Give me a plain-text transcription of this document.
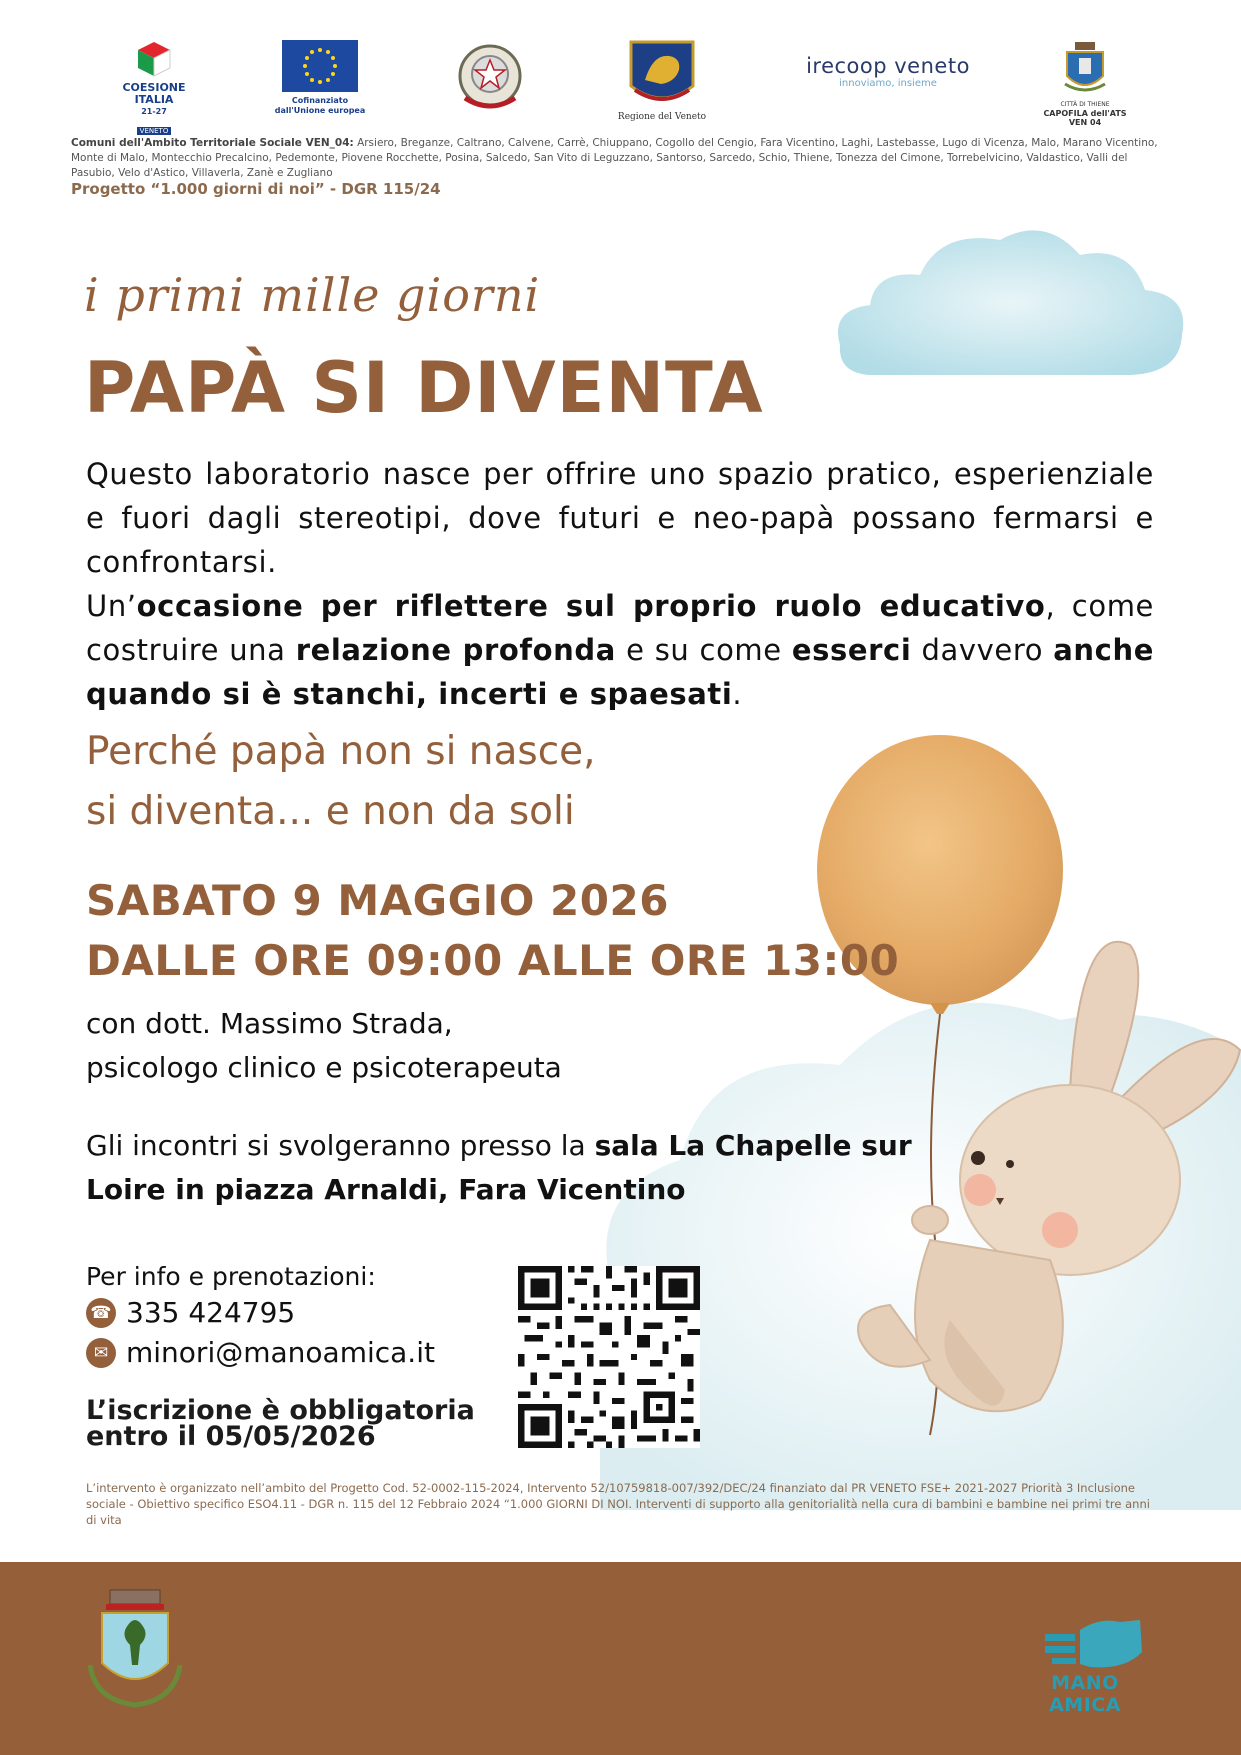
COESIONE ITALIA
21-27
VENETO
Cofinanziato dall'Unione europea
Regione del Veneto
irecoop veneto
innoviamo, insieme
CITTÀ DI THIENE
CAPOFILA dell'ATS VEN 04
Comuni dell'Ambito Territoriale Sociale VEN_04: Arsiero, Breganze, Caltrano, Calvene, Carrè, Chiuppano, Cogollo del Cengio, Fara Vicentino, Laghi, Lastebasse, Lugo di Vicenza, Malo, Marano Vicentino, Monte di Malo, Montecchio Precalcino, Pedemonte, Piovene Rocchette, Posina, Salcedo, San Vito di Leguzzano, Santorso, Sarcedo, Schio, Thiene, Tonezza del Cimone, Torrebelvicino, Valdastico, Valli del Pasubio, Velo d'Astico, Villaverla, Zanè e Zugliano
Progetto “1.000 giorni di noi” - DGR 115/24
i primi mille giorni
PAPÀ SI DIVENTA
Questo laboratorio nasce per offrire uno spazio pratico, esperienziale e fuori dagli stereotipi, dove futuri e neo-papà possano fermarsi e confrontarsi.
Un’occasione per riflettere sul proprio ruolo educativo, come costruire una relazione profonda e su come esserci davvero anche quando si è stanchi, incerti e spaesati.
Perché papà non si nasce,
si diventa... e non da soli
SABATO 9 MAGGIO 2026
DALLE ORE 09:00 ALLE ORE 13:00
con dott. Massimo Strada,
psicologo clinico e psicoterapeuta
Gli incontri si svolgeranno presso la sala La Chapelle sur Loire in piazza Arnaldi, Fara Vicentino
Per info e prenotazioni:
☎ 335 424795
✉ minori@manoamica.it
L’iscrizione è obbligatoria
entro il 05/05/2026
L’intervento è organizzato nell’ambito del Progetto Cod. 52-0002-115-2024, Intervento 52/10759818-007/392/DEC/24 finanziato dal PR VENETO FSE+ 2021-2027 Priorità 3 Inclusione sociale - Obiettivo specifico ESO4.11 - DGR n. 115 del 12 Febbraio 2024 “1.000 GIORNI DI NOI. Interventi di supporto alla genitorialità nella cura di bambini e bambine nei primi tre anni di vita
MANO AMICA
